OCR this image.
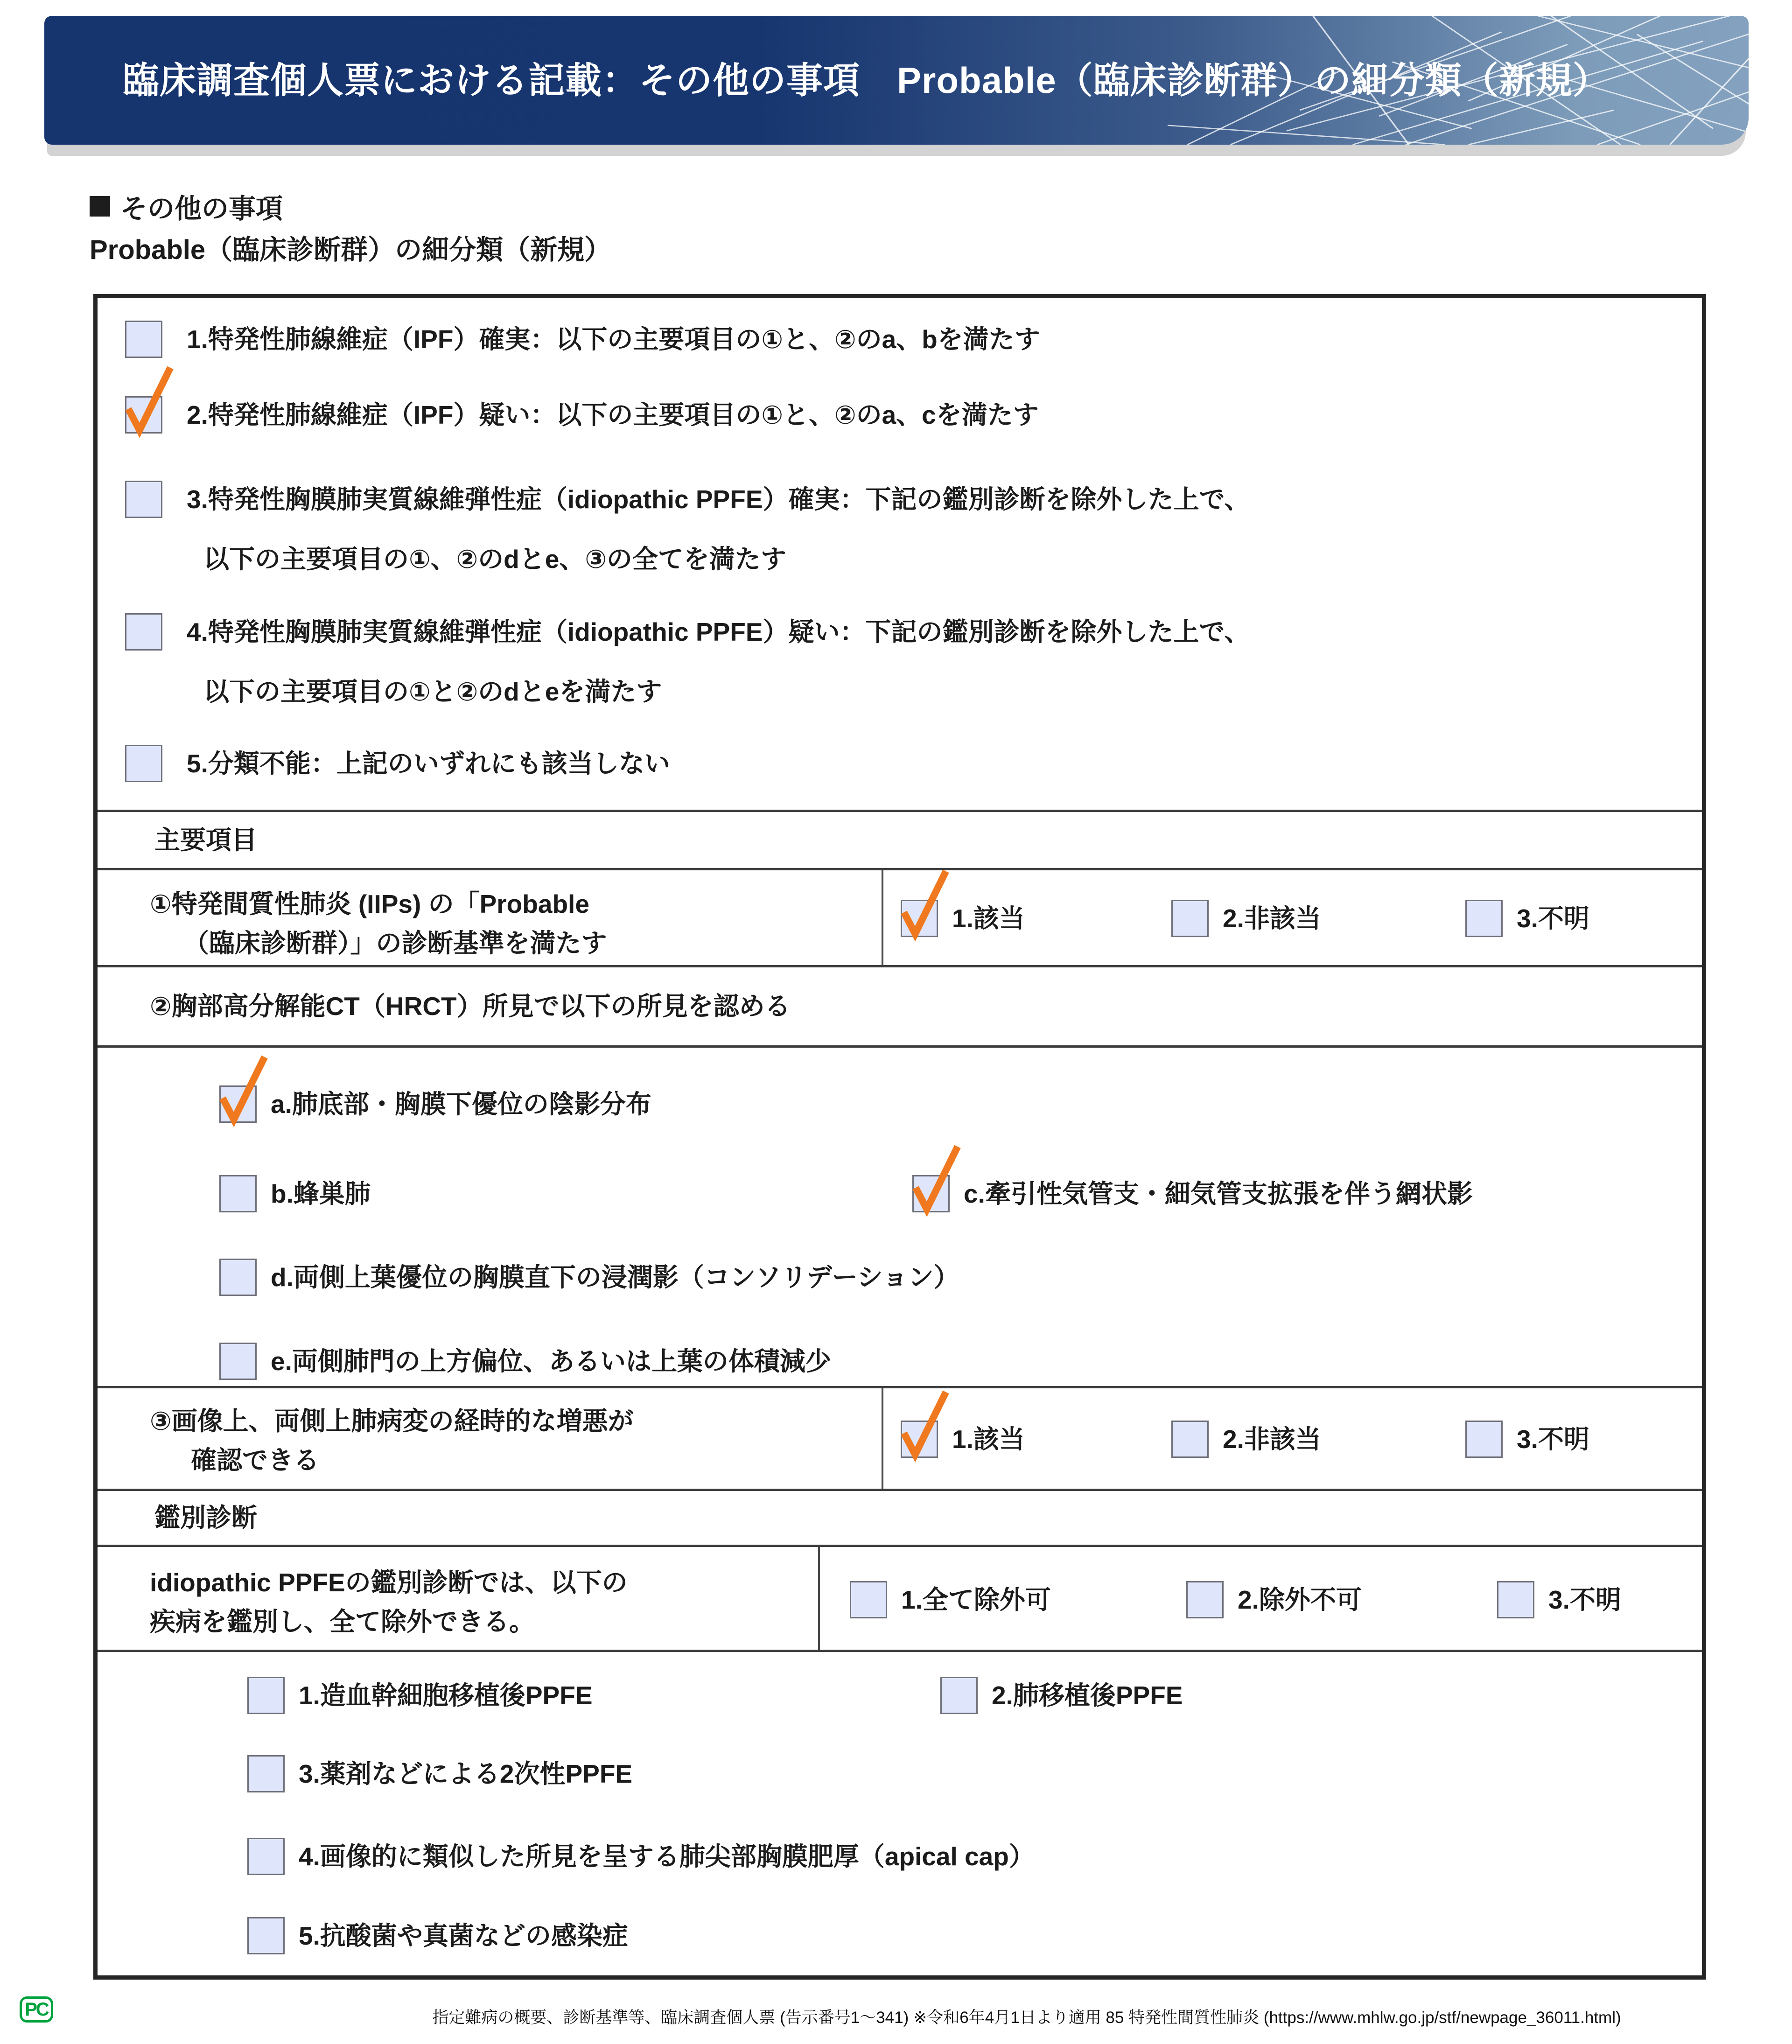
臨床調査個人票における記載：その他の事項　Probable（臨床診断群）の細分類（新規）
その他の事項
Probable（臨床診断群）の細分類（新規）
1.特発性肺線維症（IPF）確実：以下の主要項目の①と、②のa、bを満たす
2.特発性肺線維症（IPF）疑い：以下の主要項目の①と、②のa、cを満たす
3.特発性胸膜肺実質線維弾性症（idiopathic PPFE）確実：下記の鑑別診断を除外した上で、
以下の主要項目の①、②のdとe、③の全てを満たす
4.特発性胸膜肺実質線維弾性症（idiopathic PPFE）疑い：下記の鑑別診断を除外した上で、
以下の主要項目の①と②のdとeを満たす
5.分類不能：上記のいずれにも該当しない
主要項目
①特発間質性肺炎 (IIPs) の「Probable
（臨床診断群）」の診断基準を満たす
1.該当	2.非該当	3.不明
②胸部高分解能CT（HRCT）所見で以下の所見を認める
a.肺底部・胸膜下優位の陰影分布
b.蜂巣肺	c.牽引性気管支・細気管支拡張を伴う網状影
d.両側上葉優位の胸膜直下の浸潤影（コンソリデーション）
e.両側肺門の上方偏位、あるいは上葉の体積減少
③画像上、両側上肺病変の経時的な増悪が
確認できる
1.該当	2.非該当	3.不明
鑑別診断
idiopathic PPFEの鑑別診断では、以下の
疾病を鑑別し、全て除外できる。
1.全て除外可	2.除外不可	3.不明
1.造血幹細胞移植後PPFE	2.肺移植後PPFE
3.薬剤などによる2次性PPFE
4.画像的に類似した所見を呈する肺尖部胸膜肥厚（apical cap）
5.抗酸菌や真菌などの感染症
指定難病の概要、診断基準等、臨床調査個人票 (告示番号1～341) ※令和6年4月1日より適用 85 特発性間質性肺炎 (https://www.mhlw.go.jp/stf/newpage_36011.html)
PC
